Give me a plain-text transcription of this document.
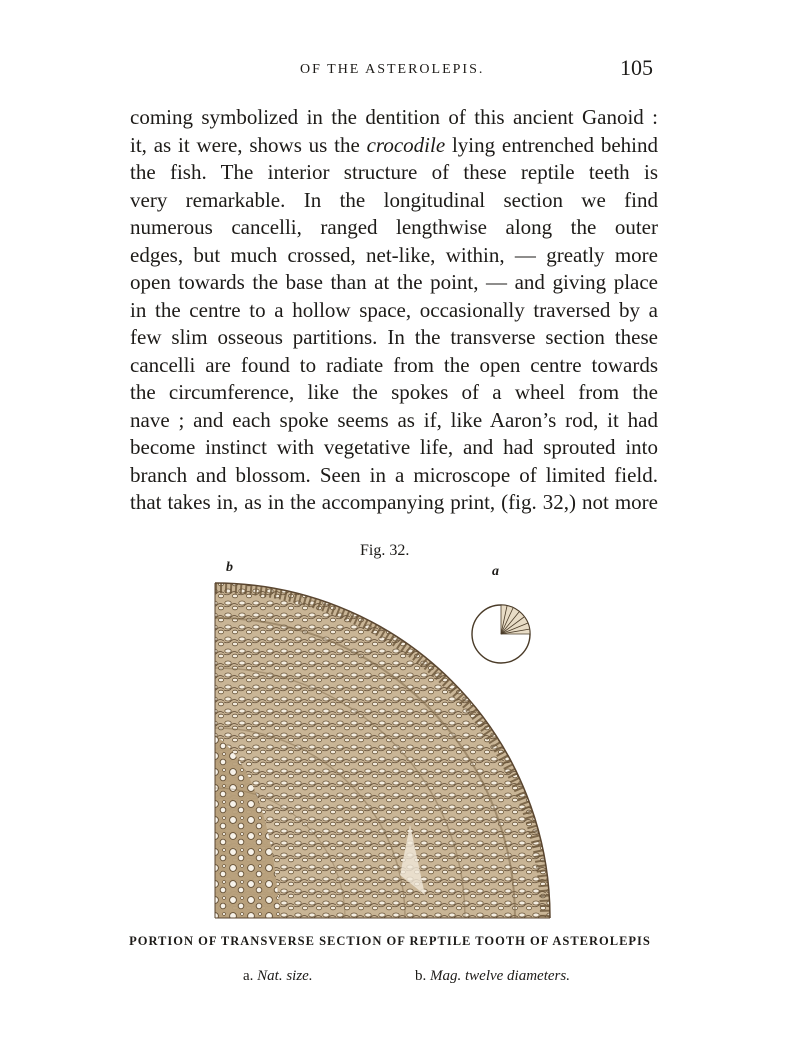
OF THE ASTEROLEPIS.	105
coming symbolized in the dentition of this ancient Ganoid :
it, as it were, shows us the crocodile lying entrenched behind
the fish. The interior structure of these reptile teeth is
very remarkable. In the longitudinal section we find
numerous cancelli, ranged lengthwise along the outer
edges, but much crossed, net-like, within, — greatly more
open towards the base than at the point, — and giving place
in the centre to a hollow space, occasionally traversed by a
few slim osseous partitions. In the transverse section these
cancelli are found to radiate from the open centre towards
the circumference, like the spokes of a wheel from the
nave ; and each spoke seems as if, like Aaron’s rod, it had
become instinct with vegetative life, and had sprouted into
branch and blossom. Seen in a microscope of limited field.
that takes in, as in the accompanying print, (fig. 32,) not more
Fig. 32.
b	a
PORTION OF TRANSVERSE SECTION OF REPTILE TOOTH OF ASTEROLEPIS
a. Nat. size.	b. Mag. twelve diameters.
